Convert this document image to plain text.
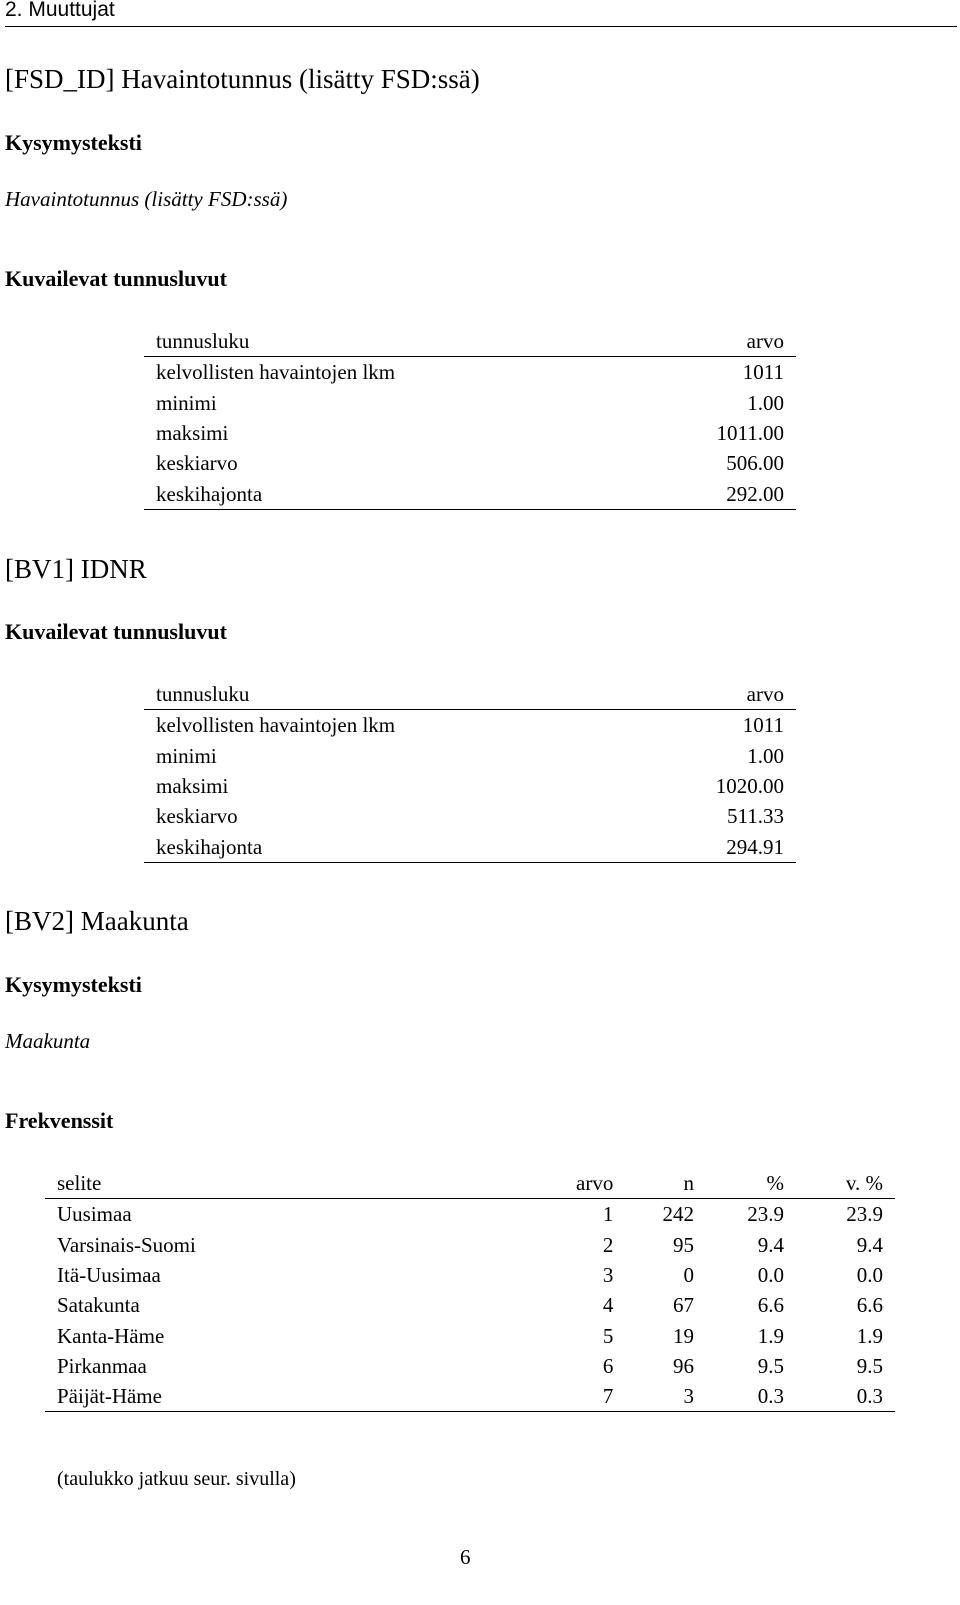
2. Muuttujat
[FSD_ID] Havaintotunnus (lisätty FSD:ssä)
Kysymysteksti
Havaintotunnus (lisätty FSD:ssä)
Kuvailevat tunnusluvut
tunnusluku	arvo
kelvollisten havaintojen lkm	1011
minimi	1.00
maksimi	1011.00
keskiarvo	506.00
keskihajonta	292.00
[BV1] IDNR
Kuvailevat tunnusluvut
tunnusluku	arvo
kelvollisten havaintojen lkm	1011
minimi	1.00
maksimi	1020.00
keskiarvo	511.33
keskihajonta	294.91
[BV2] Maakunta
Kysymysteksti
Maakunta
Frekvenssit
selite	arvo	n	%	v. %
Uusimaa	1	242	23.9	23.9
Varsinais-Suomi	2	95	9.4	9.4
Itä-Uusimaa	3	0	0.0	0.0
Satakunta	4	67	6.6	6.6
Kanta-Häme	5	19	1.9	1.9
Pirkanmaa	6	96	9.5	9.5
Päijät-Häme	7	3	0.3	0.3
(taulukko jatkuu seur. sivulla)
6
